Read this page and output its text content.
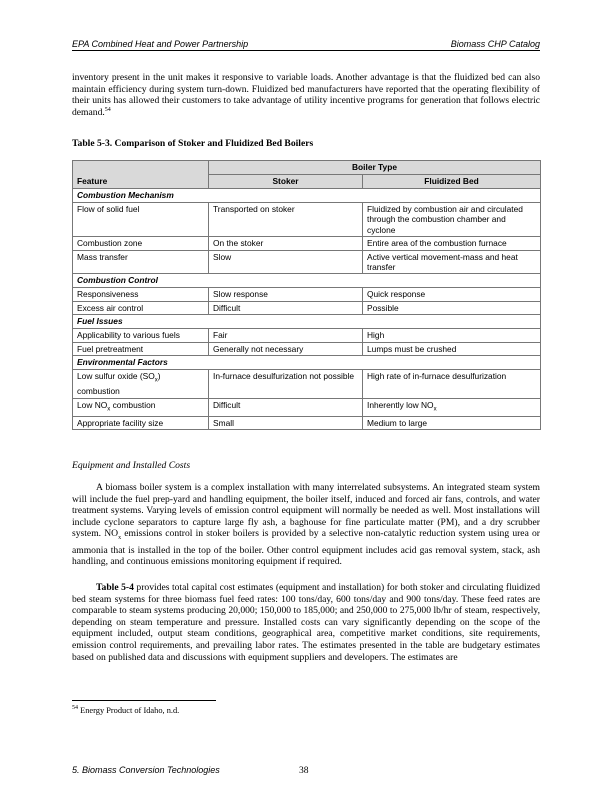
EPA Combined Heat and Power Partnership	Biomass CHP Catalog
inventory present in the unit makes it responsive to variable loads. Another advantage is that the fluidized bed can also maintain efficiency during system turn-down. Fluidized bed manufacturers have reported that the operating flexibility of their units has allowed their customers to take advantage of utility incentive programs for generation that follows electric demand.$^{54}$
Table 5-3. Comparison of Stoker and Fluidized Bed Boilers
	Boiler Type	
Feature	Stoker	Fluidized Bed
Combustion Mechanism		
Flow of solid fuel	Transported on stoker	Fluidized by combustion air and circulated through the combustion chamber and cyclone
Combustion zone	On the stoker	Entire area of the combustion furnace
Mass transfer	Slow	Active vertical movement-mass and heat transfer
Combustion Control		
Responsiveness	Slow response	Quick response
Excess air control	Difficult	Possible
Fuel Issues		
Applicability to various fuels	Fair	High
Fuel pretreatment	Generally not necessary	Lumps must be crushed
Environmental Factors		
Low sulfur oxide $(SO_x)$ combustion	In-furnace desulfurization not possible	High rate of in-furnace desulfurization
Low $NO_x$ combustion	Difficult	Inherently low $NO_x$
Appropriate facility size	Small	Medium to large
Equipment and Installed Costs
A biomass boiler system is a complex installation with many interrelated subsystems. An integrated steam system will include the fuel prep-yard and handling equipment, the boiler itself, induced and forced air fans, controls, and water treatment systems. Varying levels of emission control equipment will normally be needed as well. Most installations will include cyclone separators to capture large fly ash, a baghouse for fine particulate matter (PM), and a dry scrubber system. $NO_x$ emissions control in stoker boilers is provided by a selective non-catalytic reduction system using urea or ammonia that is installed in the top of the boiler. Other control equipment includes acid gas removal system, stack, ash handling, and continuous emissions monitoring equipment if required.
Table 5-4 provides total capital cost estimates (equipment and installation) for both stoker and circulating fluidized bed steam systems for three biomass fuel feed rates: 100 tons/day, 600 tons/day and 900 tons/day. These feed rates are comparable to steam systems producing 20,000; 150,000 to 185,000; and 250,000 to 275,000 lb/hr of steam, respectively, depending on steam temperature and pressure. Installed costs can vary significantly depending on the scope of the equipment included, output steam conditions, geographical area, competitive market conditions, site requirements, emission control requirements, and prevailing labor rates. The estimates presented in the table are budgetary estimates based on published data and discussions with equipment suppliers and developers. The estimates are
$^{54}$ Energy Product of Idaho, n.d.
5. Biomass Conversion Technologies	38
